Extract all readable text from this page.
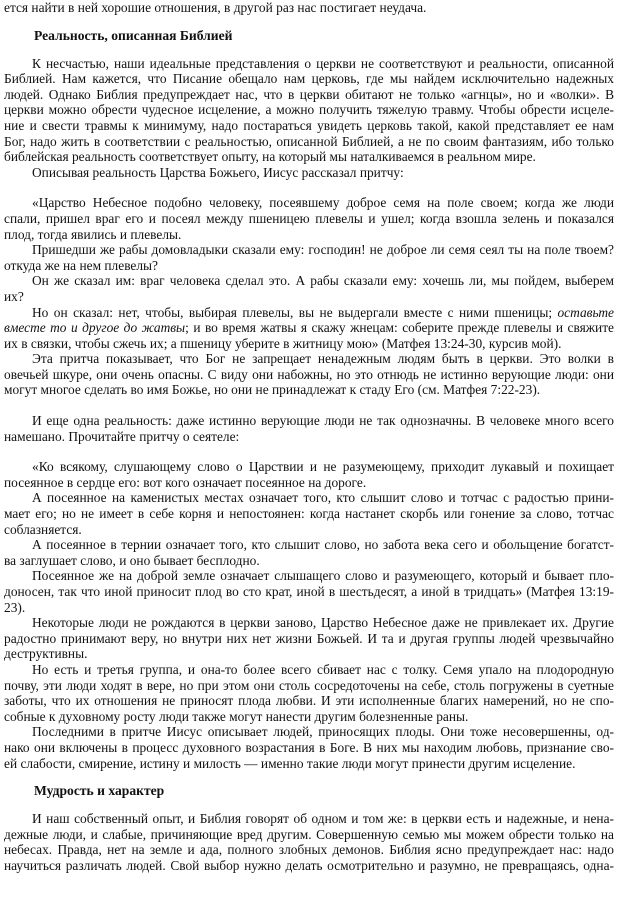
ется найти в ней хорошие отношения, в другой раз нас постигает неудача.

Реальность, описанная Библией

К несчастью, наши идеальные представления о церкви не соответствуют и реальности, описанной

Библией. Нам кажется, что Писание обещало нам церковь, где мы найдем исключительно надежных

людей. Однако Библия предупреждает нас, что в церкви обитают не только «агнцы», но и «волки». В

церкви можно обрести чудесное исцеление, а можно получить тяжелую травму. Чтобы обрести исцеле-

ние и свести травмы к минимуму, надо постараться увидеть церковь такой, какой представляет ее нам

Бог, надо жить в соответствии с реальностью, описанной Библией, а не по своим фантазиям, ибо только

библейская реальность соответствует опыту, на который мы наталкиваемся в реальном мире.

Описывая реальность Царства Божьего, Иисус рассказал притчу:

«Царство Небесное подобно человеку, посеявшему доброе семя на поле своем; когда же люди

спали, пришел враг его и посеял между пшеницею плевелы и ушел; когда взошла зелень и показался

плод, тогда явились и плевелы.

Пришедши же рабы домовладыки сказали ему: господин! не доброе ли семя сеял ты на поле твоем?

откуда же на нем плевелы?

Он же сказал им: враг человека сделал это. А рабы сказали ему: хочешь ли, мы пойдем, выберем

их?

Но он сказал: нет, чтобы, выбирая плевелы, вы не выдергали вместе с ними пшеницы; оставьте

вместе то и другое до жатвы; и во время жатвы я скажу жнецам: соберите прежде плевелы и свяжите

их в связки, чтобы сжечь их; а пшеницу уберите в житницу мою» (Матфея 13:24-30, курсив мой).

Эта притча показывает, что Бог не запрещает ненадежным людям быть в церкви. Это волки в

овечьей шкуре, они очень опасны. С виду они набожны, но это отнюдь не истинно верующие люди: они

могут многое сделать во имя Божье, но они не принадлежат к стаду Его (см. Матфея 7:22-23).

И еще одна реальность: даже истинно верующие люди не так однозначны. В человеке много всего

намешано. Прочитайте притчу о сеятеле:

«Ко всякому, слушающему слово о Царствии и не разумеющему, приходит лукавый и похищает

посеянное в сердце его: вот кого означает посеянное на дороге.

А посеянное на каменистых местах означает того, кто слышит слово и тотчас с радостью прини-

мает его; но не имеет в себе корня и непостоянен: когда настанет скорбь или гонение за слово, тотчас

соблазняется.

А посеянное в тернии означает того, кто слышит слово, но забота века сего и обольщение богатст-

ва заглушает слово, и оно бывает бесплодно.

Посеянное же на доброй земле означает слышащего слово и разумеющего, который и бывает пло-

доносен, так что иной приносит плод во сто крат, иной в шестьдесят, а иной в тридцать» (Матфея 13:19-

23).

Некоторые люди не рождаются в церкви заново, Царство Небесное даже не привлекает их. Другие

радостно принимают веру, но внутри них нет жизни Божьей. И та и другая группы людей чрезвычайно

деструктивны.

Но есть и третья группа, и она-то более всего сбивает нас с толку. Семя упало на плодородную

почву, эти люди ходят в вере, но при этом они столь сосредоточены на себе, столь погружены в суетные

заботы, что их отношения не приносят плода любви. И эти исполненные благих намерений, но не спо-

собные к духовному росту люди также могут нанести другим болезненные раны.

Последними в притче Иисус описывает людей, приносящих плоды. Они тоже несовершенны, од-

нако они включены в процесс духовного возрастания в Боге. В них мы находим любовь, признание сво-

ей слабости, смирение, истину и милость — именно такие люди могут принести другим исцеление.

Мудрость и характер

И наш собственный опыт, и Библия говорят об одном и том же: в церкви есть и надежные, и нена-

дежные люди, и слабые, причиняющие вред другим. Совершенную семью мы можем обрести только на

небесах. Правда, нет на земле и ада, полного злобных демонов. Библия ясно предупреждает нас: надо

научиться различать людей. Свой выбор нужно делать осмотрительно и разумно, не превращаясь, одна-
